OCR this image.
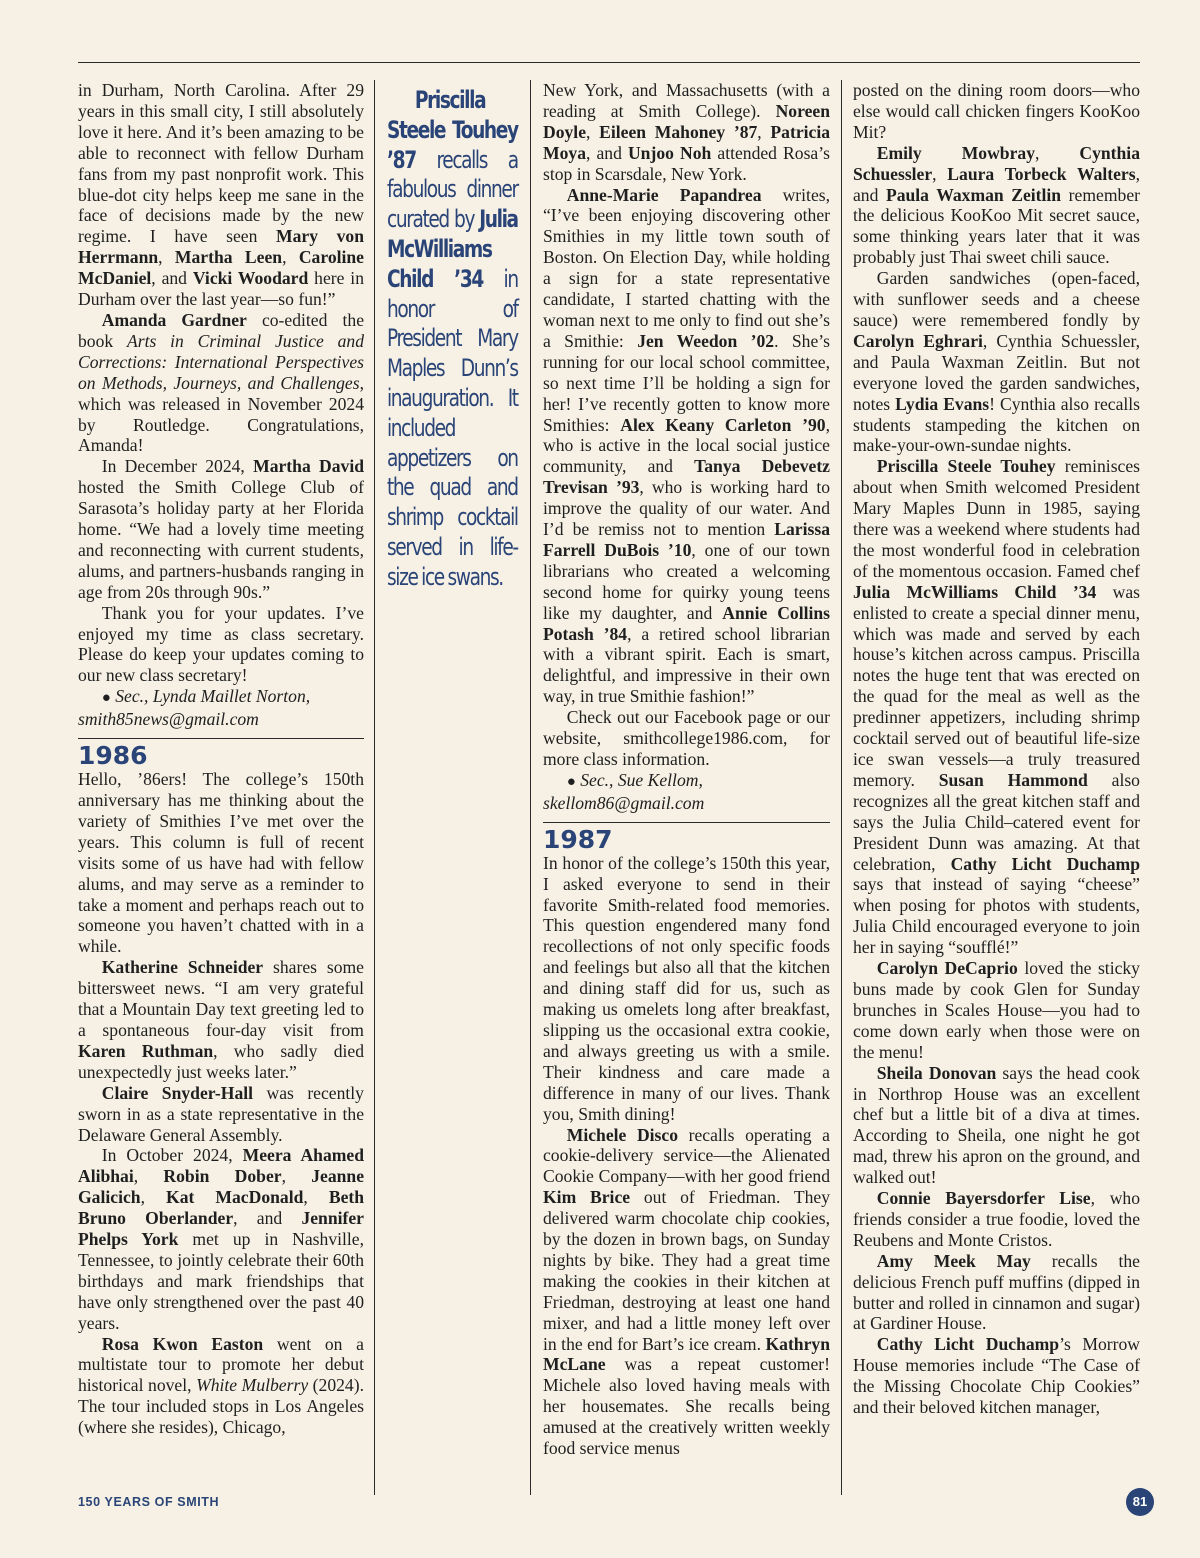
in Durham, North Carolina. After 29 years in this small city, I still absolutely love it here. And it’s been amazing to be able to reconnect with fellow Durham fans from my past nonprofit work. This blue-dot city helps keep me sane in the face of decisions made by the new regime. I have seen Mary von Herrmann, Martha Leen, Caroline McDaniel, and Vicki Woodard here in Durham over the last year—so fun!”

Amanda Gardner co-edited the book Arts in Criminal Justice and Corrections: International Perspectives on Methods, Journeys, and Challenges, which was released in November 2024 by Routledge. Congratulations, Amanda!

In December 2024, Martha David hosted the Smith College Club of Sarasota’s holiday party at her Florida home. “We had a lovely time meeting and reconnecting with current students, alums, and partners-husbands ranging in age from 20s through 90s.”

Thank you for your updates. I’ve enjoyed my time as class secretary. Please do keep your updates coming to our new class secretary!

● Sec., Lynda Maillet Norton,
smith85news@gmail.com

1986

Hello, ’86ers! The college’s 150th anniversary has me thinking about the variety of Smithies I’ve met over the years. This column is full of recent visits some of us have had with fellow alums, and may serve as a reminder to take a moment and perhaps reach out to someone you haven’t chatted with in a while.

Katherine Schneider shares some bittersweet news. “I am very grateful that a Mountain Day text greeting led to a spontaneous four-day visit from Karen Ruthman, who sadly died unexpectedly just weeks later.”

Claire Snyder-Hall was recently sworn in as a state representative in the Delaware General Assembly.

In October 2024, Meera Ahamed Alibhai, Robin Dober, Jeanne Galicich, Kat MacDonald, Beth Bruno Oberlander, and Jennifer Phelps York met up in Nashville, Tennessee, to jointly celebrate their 60th birthdays and mark friendships that have only strengthened over the past 40 years.

Rosa Kwon Easton went on a multistate tour to promote her debut historical novel, White Mulberry (2024). The tour included stops in Los Angeles (where she resides), Chicago,

Priscilla Steele Touhey ’87 recalls a fabulous dinner curated by Julia McWilliams Child ’34 in honor of President Mary Maples Dunn’s inauguration. It included appetizers on the quad and shrimp cocktail served in life-size ice swans.

New York, and Massachusetts (with a reading at Smith College). Noreen Doyle, Eileen Mahoney ’87, Patricia Moya, and Unjoo Noh attended Rosa’s stop in Scarsdale, New York.

Anne-Marie Papandrea writes, “I’ve been enjoying discovering other Smithies in my little town south of Boston. On Election Day, while holding a sign for a state representative candidate, I started chatting with the woman next to me only to find out she’s a Smithie: Jen Weedon ’02. She’s running for our local school committee, so next time I’ll be holding a sign for her! I’ve recently gotten to know more Smithies: Alex Keany Carleton ’90, who is active in the local social justice community, and Tanya Debevetz Trevisan ’93, who is working hard to improve the quality of our water. And I’d be remiss not to mention Larissa Farrell DuBois ’10, one of our town librarians who created a welcoming second home for quirky young teens like my daughter, and Annie Collins Potash ’84, a retired school librarian with a vibrant spirit. Each is smart, delightful, and impressive in their own way, in true Smithie fashion!”

Check out our Facebook page or our website, smithcollege1986.com, for more class information.

● Sec., Sue Kellom,
skellom86@gmail.com

1987

In honor of the college’s 150th this year, I asked everyone to send in their favorite Smith-related food memories. This question engendered many fond recollections of not only specific foods and feelings but also all that the kitchen and dining staff did for us, such as making us omelets long after breakfast, slipping us the occasional extra cookie, and always greeting us with a smile. Their kindness and care made a difference in many of our lives. Thank you, Smith dining!

Michele Disco recalls operating a cookie-delivery service—the Alienated Cookie Company—with her good friend Kim Brice out of Friedman. They delivered warm chocolate chip cookies, by the dozen in brown bags, on Sunday nights by bike. They had a great time making the cookies in their kitchen at Friedman, destroying at least one hand mixer, and had a little money left over in the end for Bart’s ice cream. Kathryn McLane was a repeat customer! Michele also loved having meals with her housemates. She recalls being amused at the creatively written weekly food service menus

posted on the dining room doors—who else would call chicken fingers KooKoo Mit?

Emily Mowbray, Cynthia Schuessler, Laura Torbeck Walters, and Paula Waxman Zeitlin remember the delicious KooKoo Mit secret sauce, some thinking years later that it was probably just Thai sweet chili sauce.

Garden sandwiches (open-faced, with sunflower seeds and a cheese sauce) were remembered fondly by Carolyn Eghrari, Cynthia Schuessler, and Paula Waxman Zeitlin. But not everyone loved the garden sandwiches, notes Lydia Evans! Cynthia also recalls students stampeding the kitchen on make-your-own-sundae nights.

Priscilla Steele Touhey reminisces about when Smith welcomed President Mary Maples Dunn in 1985, saying there was a weekend where students had the most wonderful food in celebration of the momentous occasion. Famed chef Julia McWilliams Child ’34 was enlisted to create a special dinner menu, which was made and served by each house’s kitchen across campus. Priscilla notes the huge tent that was erected on the quad for the meal as well as the predinner appetizers, including shrimp cocktail served out of beautiful life-size ice swan vessels—a truly treasured memory. Susan Hammond also recognizes all the great kitchen staff and says the Julia Child–catered event for President Dunn was amazing. At that celebration, Cathy Licht Duchamp says that instead of saying “cheese” when posing for photos with students, Julia Child encouraged everyone to join her in saying “soufflé!”

Carolyn DeCaprio loved the sticky buns made by cook Glen for Sunday brunches in Scales House—you had to come down early when those were on the menu!

Sheila Donovan says the head cook in Northrop House was an excellent chef but a little bit of a diva at times. According to Sheila, one night he got mad, threw his apron on the ground, and walked out!

Connie Bayersdorfer Lise, who friends consider a true foodie, loved the Reubens and Monte Cristos.

Amy Meek May recalls the delicious French puff muffins (dipped in butter and rolled in cinnamon and sugar) at Gardiner House.

Cathy Licht Duchamp’s Morrow House memories include “The Case of the Missing Chocolate Chip Cookies” and their beloved kitchen manager,

150 YEARS OF SMITH	81
